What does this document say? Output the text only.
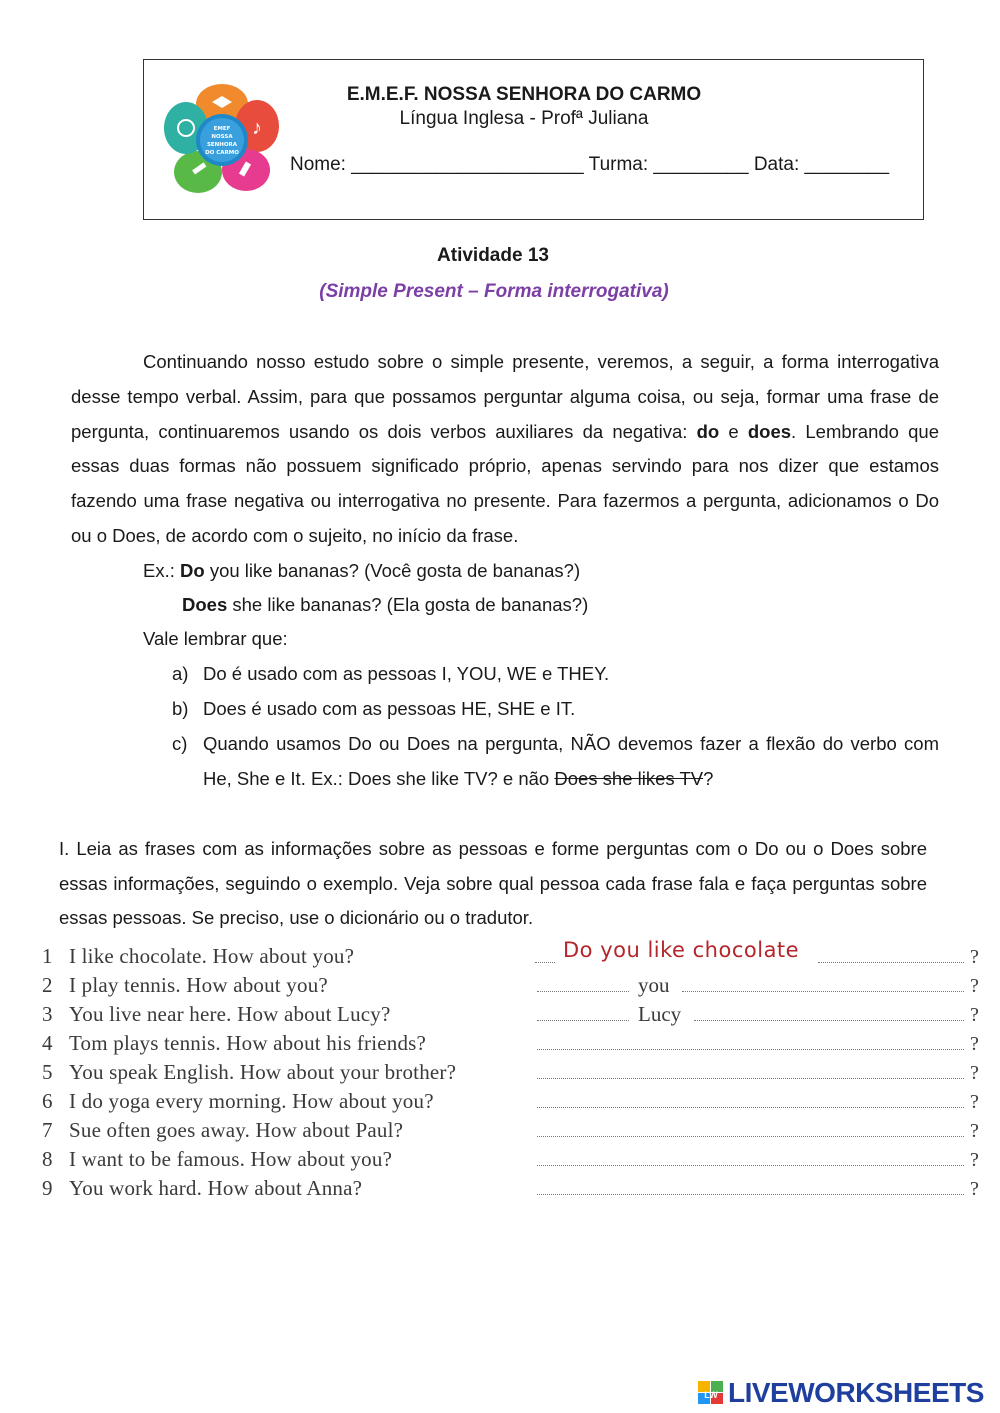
EMEF
NOSSA
SENHORA
DO CARMO
♪
E.M.E.F. NOSSA SENHORA DO CARMO
Língua Inglesa - Profª Juliana
Nome: ______________________ Turma: _________ Data: ________
Atividade 13
(Simple Present – Forma interrogativa)

Continuando nosso estudo sobre o simple presente, veremos, a seguir, a forma interrogativa desse tempo verbal. Assim, para que possamos perguntar alguma coisa, ou seja, formar uma frase de pergunta, continuaremos usando os dois verbos auxiliares da negativa: do e does. Lembrando que essas duas formas não possuem significado próprio, apenas servindo para nos dizer que estamos fazendo uma frase negativa ou interrogativa no presente. Para fazermos a pergunta, adicionamos o Do ou o Does, de acordo com o sujeito, no início da frase.

Ex.: Do you like bananas? (Você gosta de bananas?)
Does she like bananas? (Ela gosta de bananas?)
Vale lembrar que:
a) Do é usado com as pessoas I, YOU, WE e THEY.
b) Does é usado com as pessoas HE, SHE e IT.
c) Quando usamos Do ou Does na pergunta, NÃO devemos fazer a flexão do verbo com He, She e It. Ex.: Does she like TV? e não Does she likes TV?

I. Leia as frases com as informações sobre as pessoas e forme perguntas com o Do ou o Does sobre essas informações, seguindo o exemplo. Veja sobre qual pessoa cada frase fala e faça perguntas sobre essas pessoas. Se preciso, use o dicionário ou o tradutor.

1 I like chocolate. How about you?	Do you like chocolate	?
2 I play tennis. How about you?	you	?
3 You live near here. How about Lucy?	Lucy	?
4 Tom plays tennis. How about his friends?	?
5 You speak English. How about your brother?	?
6 I do yoga every morning. How about you?	?
7 Sue often goes away. How about Paul?	?
8 I want to be famous. How about you?	?
9 You work hard. How about Anna?	?
LW LIVEWORKSHEETS
